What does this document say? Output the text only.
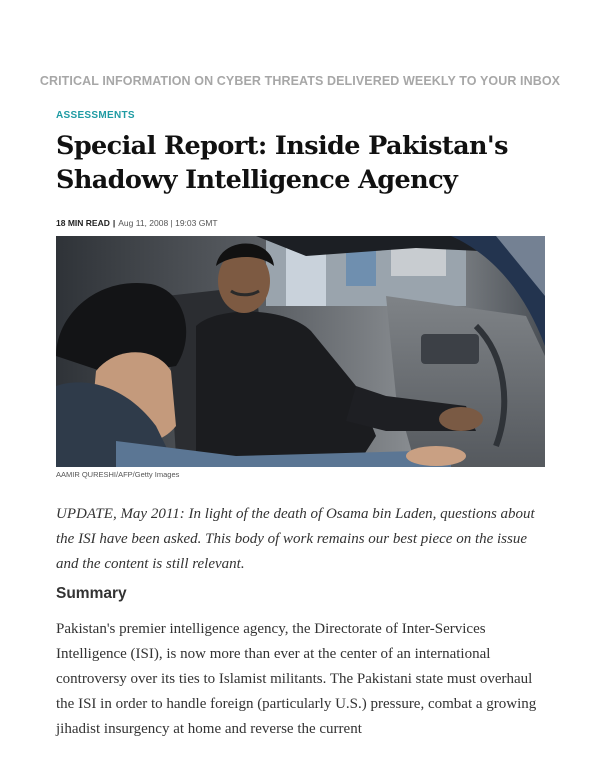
CRITICAL INFORMATION ON CYBER THREATS DELIVERED WEEKLY TO YOUR INBOX
ASSESSMENTS
Special Report: Inside Pakistan's Shadowy Intelligence Agency
18 MIN READ | Aug 11, 2008 | 19:03 GMT
AAMIR QURESHI/AFP/Getty Images

UPDATE, May 2011: In light of the death of Osama bin Laden, questions about the ISI have been asked. This body of work remains our best piece on the issue and the content is still relevant.

Summary

Pakistan's premier intelligence agency, the Directorate of Inter-Services Intelligence (ISI), is now more than ever at the center of an international controversy over its ties to Islamist militants. The Pakistani state must overhaul the ISI in order to handle foreign (particularly U.S.) pressure, combat a growing jihadist insurgency at home and reverse the current
